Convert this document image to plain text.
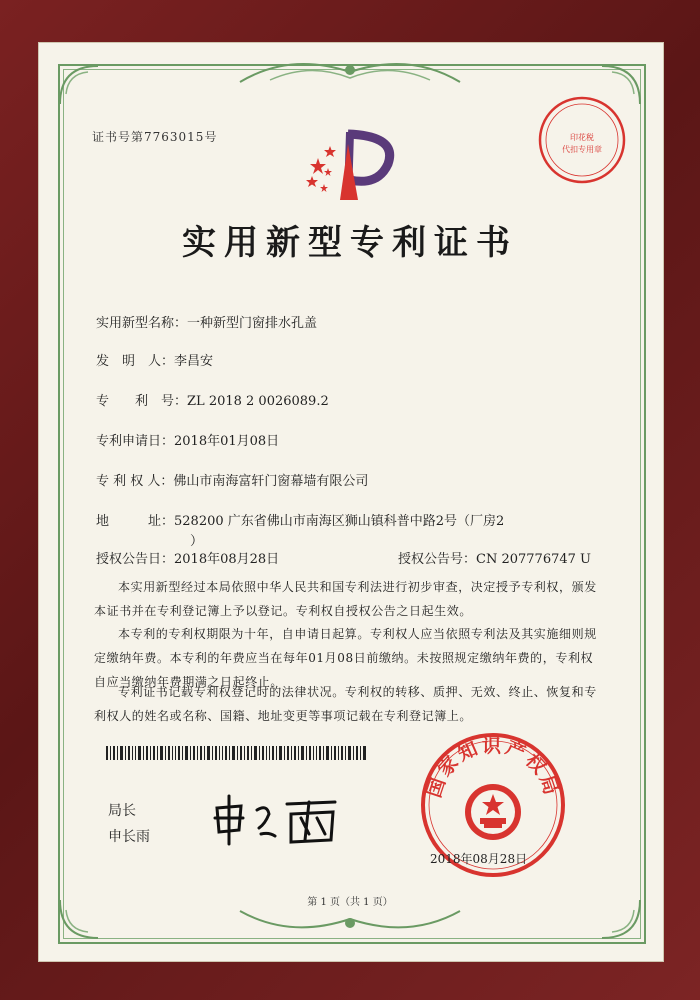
证书号第7763015号	印花税
代扣专用章
实用新型专利证书
实用新型名称：一种新型门窗排水孔盖
发　明　人：李昌安
专　　利　号：ZL 2018 2 0026089.2
专利申请日：2018年01月08日
专 利 权 人：佛山市南海富轩门窗幕墙有限公司
地　　　址：528200 广东省佛山市南海区狮山镇科普中路2号（厂房2
）
授权公告日：2018年08月28日	授权公告号：CN 207776747 U
本实用新型经过本局依照中华人民共和国专利法进行初步审查，决定授予专利权，颁发
本证书并在专利登记簿上予以登记。专利权自授权公告之日起生效。
本专利的专利权期限为十年，自申请日起算。专利权人应当依照专利法及其实施细则规
定缴纳年费。本专利的年费应当在每年01月08日前缴纳。未按照规定缴纳年费的，专利权
自应当缴纳年费期满之日起终止。
专利证书记载专利权登记时的法律状况。专利权的转移、质押、无效、终止、恢复和专
利权人的姓名或名称、国籍、地址变更等事项记载在专利登记簿上。
局长
申长雨
国家知识产权局
2018年08月28日
第 1 页（共 1 页）
